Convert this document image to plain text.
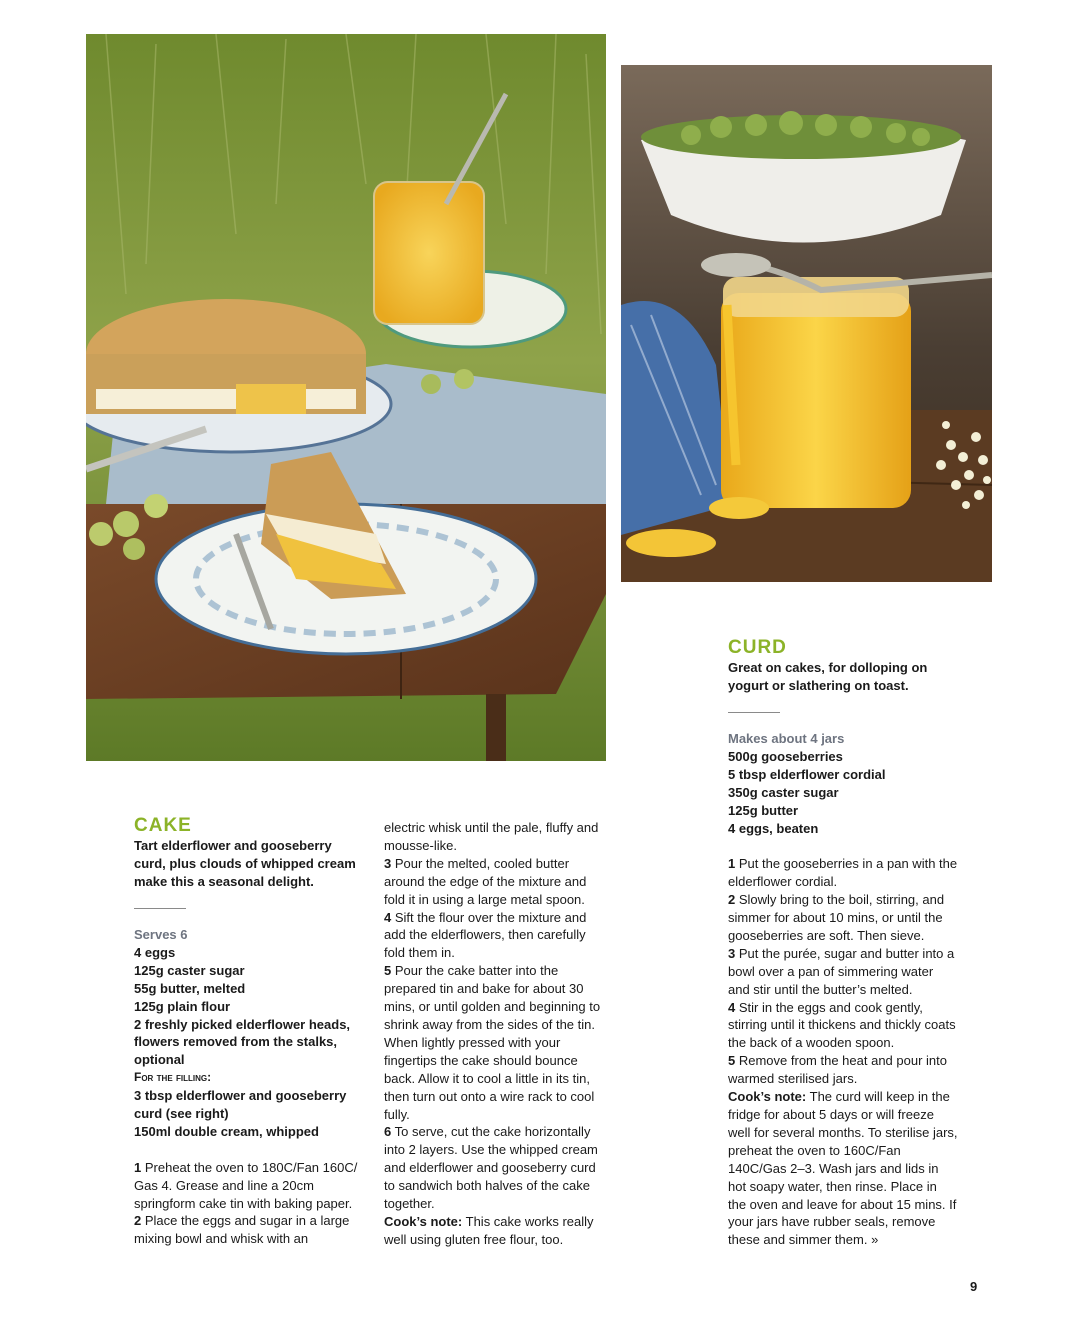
CAKE

Tart elderflower and gooseberry curd, plus clouds of whipped cream make this a seasonal delight.

Serves 6

4 eggs

125g caster sugar

55g butter, melted

125g plain flour

2 freshly picked elderflower heads, flowers removed from the stalks, optional

For the filling:

3 tbsp elderflower and gooseberry curd (see right)

150ml double cream, whipped

1 Preheat the oven to 180C/Fan 160C/ Gas 4. Grease and line a 20cm springform cake tin with baking paper.

2 Place the eggs and sugar in a large mixing bowl and whisk with an

electric whisk until the pale, fluffy and mousse-like.

3 Pour the melted, cooled butter around the edge of the mixture and fold it in using a large metal spoon.

4 Sift the flour over the mixture and add the elderflowers, then carefully fold them in.

5 Pour the cake batter into the prepared tin and bake for about 30 mins, or until golden and beginning to shrink away from the sides of the tin. When lightly pressed with your fingertips the cake should bounce back. Allow it to cool a little in its tin, then turn out onto a wire rack to cool fully.

6 To serve, cut the cake horizontally into 2 layers. Use the whipped cream and elderflower and gooseberry curd to sandwich both halves of the cake together.

Cook’s note: This cake works really well using gluten free flour, too.

CURD

Great on cakes, for dolloping on yogurt or slathering on toast.

Makes about 4 jars

500g gooseberries

5 tbsp elderflower cordial

350g caster sugar

125g butter

4 eggs, beaten

1 Put the gooseberries in a pan with the elderflower cordial.

2 Slowly bring to the boil, stirring, and simmer for about 10 mins, or until the gooseberries are soft. Then sieve.

3 Put the purée, sugar and butter into a bowl over a pan of simmering water and stir until the butter’s melted.

4 Stir in the eggs and cook gently, stirring until it thickens and thickly coats the back of a wooden spoon.

5 Remove from the heat and pour into warmed sterilised jars.

Cook’s note: The curd will keep in the fridge for about 5 days or will freeze well for several months. To sterilise jars, preheat the oven to 160C/Fan 140C/Gas 2–3. Wash jars and lids in hot soapy water, then rinse. Place in the oven and leave for about 15 mins. If your jars have rubber seals, remove these and simmer them. »

9
